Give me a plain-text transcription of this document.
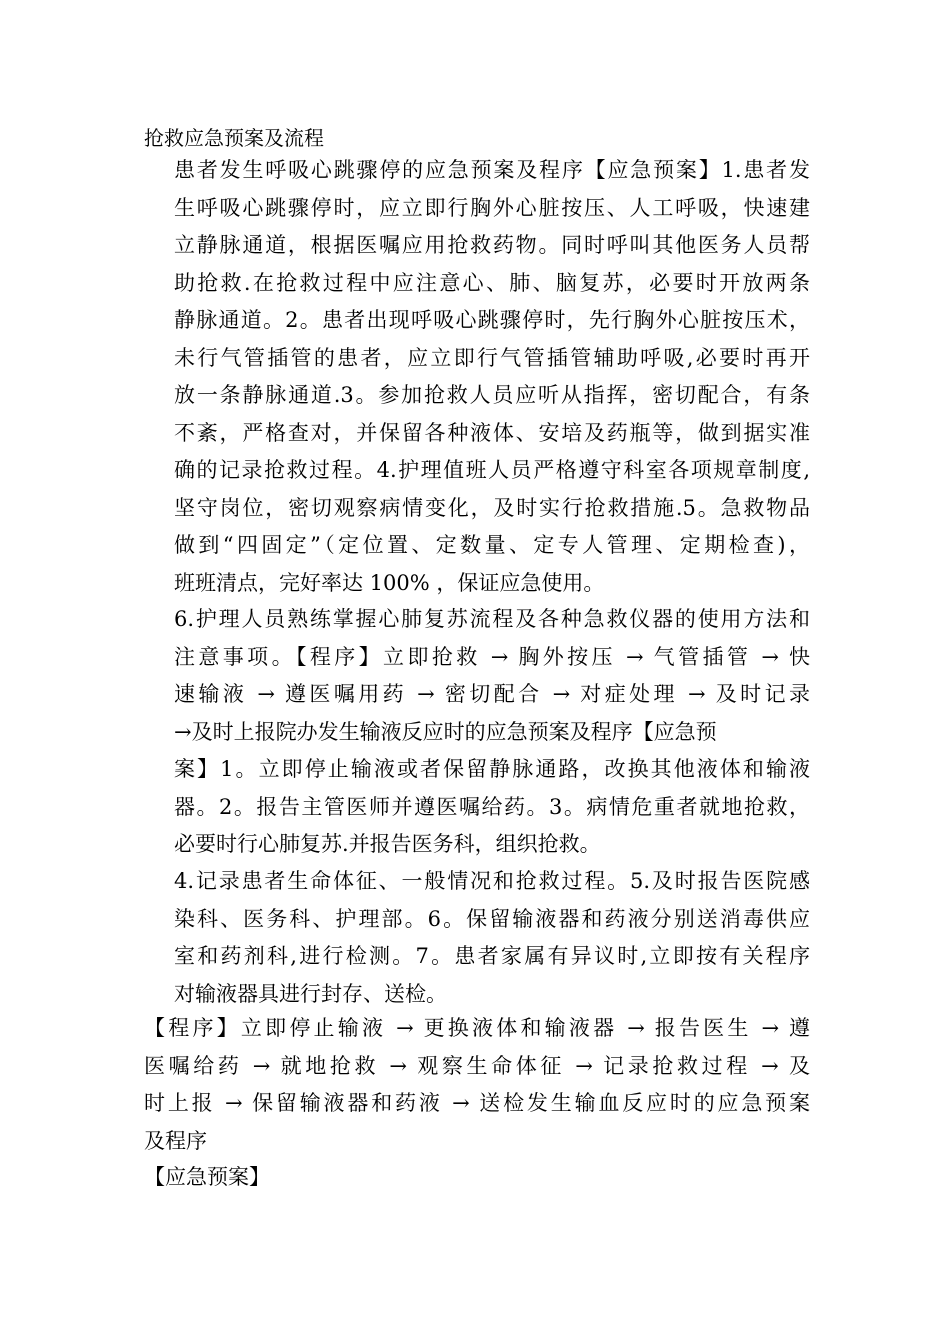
抢救应急预案及流程
患者发生呼吸心跳骤停的应急预案及程序【应急预案】1.患者发
生呼吸心跳骤停时，应立即行胸外心脏按压、人工呼吸，快速建
立静脉通道，根据医嘱应用抢救药物。同时呼叫其他医务人员帮
助抢救.在抢救过程中应注意心、肺、脑复苏，必要时开放两条
静脉通道。2。患者出现呼吸心跳骤停时，先行胸外心脏按压术，
未行气管插管的患者，应立即行气管插管辅助呼吸,必要时再开
放一条静脉通道.3。参加抢救人员应听从指挥，密切配合，有条
不紊，严格查对，并保留各种液体、安培及药瓶等，做到据实准
确的记录抢救过程。4.护理值班人员严格遵守科室各项规章制度,
坚守岗位，密切观察病情变化，及时实行抢救措施.5。急救物品
做到“四固定”（定位置、定数量、定专人管理、定期检查)，
班班清点，完好率达 100% ，保证应急使用。
6.护理人员熟练掌握心肺复苏流程及各种急救仪器的使用方法和
注意事项。【程序】立即抢救 → 胸外按压 → 气管插管 → 快
速输液 → 遵医嘱用药 → 密切配合 → 对症处理 → 及时记录
→及时上报院办发生输液反应时的应急预案及程序【应急预
案】1。立即停止输液或者保留静脉通路，改换其他液体和输液
器。2。报告主管医师并遵医嘱给药。3。病情危重者就地抢救，
必要时行心肺复苏.并报告医务科，组织抢救。
4.记录患者生命体征、一般情况和抢救过程。5.及时报告医院感
染科、医务科、护理部。6。保留输液器和药液分别送消毒供应
室和药剂科,进行检测。7。患者家属有异议时,立即按有关程序
对输液器具进行封存、送检。
【程序】立即停止输液 → 更换液体和输液器 → 报告医生 → 遵
医嘱给药 → 就地抢救 → 观察生命体征 → 记录抢救过程 → 及
时上报 → 保留输液器和药液 → 送检发生输血反应时的应急预案
及程序
【应急预案】
